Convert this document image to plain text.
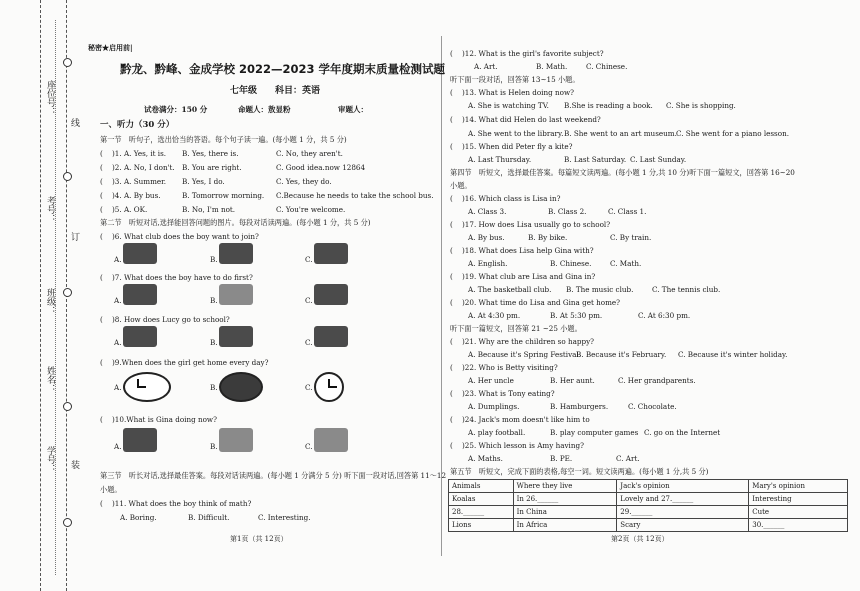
线
订
装
座位号：
考号：
班级：
姓名：
学号：
秘密★启用前|
黔龙、黔峰、金成学校 2022—2023 学年度期末质量检测试题
七年级　　科目：英语
试卷满分：150 分	命题人：敖显粉	审题人：
一、听力（30 分）
第一节　听句子，选出恰当的答语。每个句子读一遍。(每小题 1 分，共 5 分)
( )1. A. Yes, it is. B. Yes, there is.	C. No, they aren't.
( )2. A. No, I don't. B. You are right.	C. Good idea.now 12864
( )3. A. Summer. B. Yes, I do.	C. Yes, they do.
( )4. A. By bus.	B. Tomorrow morning. C.Because he needs to take the school bus.
( )5. A. OK.	B. No, I'm not.	C. You're welcome.
第二节　听短对话,选择能回答问题的图片。每段对话读两遍。(每小题 1 分，共 5 分)
( )6. What club does the boy want to join?
A.	B.	C.
( )7. What does the boy have to do first?
A.	B.	C.
( )8. How does Lucy go to school?
A.	B.	C.
( )9.When does the girl get home every day?
A.	B.	C.
( )10.What is Gina doing now?
A.	B.	C.
第三节　听长对话,选择最佳答案。每段对话读两遍。(每小题 1 分满分 5 分) 听下面一段对话,回答第 11～12
小题。
( )11. What does the boy think of math?
A. Boring.	B. Difficult.	C. Interesting.
第1页（共 12页）
( )12. What is the girl's favorite subject?
A. Art.	B. Math.	C. Chinese.
听下面一段对话，回答第 13~15 小题。
( )13. What is Helen doing now?
A. She is watching TV. B.She is reading a book. C. She is shopping.
( )14. What did Helen do last weekend?
A. She went to the library.B. She went to an art museum.C. She went for a piano lesson.
( )15. When did Peter fly a kite?
A. Last Thursday.	B. Last Saturday. C. Last Sunday.
第四节　听短文，选择最佳答案。每篇短文读两遍。(每小题 1 分,共 10 分)听下面一篇短文，回答第 16~20
小题。
( )16. Which class is Lisa in?
A. Class 3.	B. Class 2.	C. Class 1.
( )17. How does Lisa usually go to school?
A. By bus.	B. By bike.	C. By train.
( )18. What does Lisa help Gina with?
A. English.	B. Chinese.	C. Math.
( )19. What club are Lisa and Gina in?
A. The basketball club. B. The music club.	C. The tennis club.
( )20. What time do Lisa and Gina get home?
A. At 4:30 pm.	B. At 5:30 pm.	C. At 6:30 pm.
听下面一篇短文，回答第 21 ~25 小题。
( )21. Why are the children so happy?
A. Because it's Spring Festival.B. Because it's February. C. Because it's winter holiday.
( )22. Who is Betty visiting?
A. Her uncle	B. Her aunt.	C. Her grandparents.
( )23. What is Tony eating?
A. Dumplings.	B. Hamburgers.	C. Chocolate.
( )24. Jack's mom doesn't like him to
A. play football.	B. play computer games C. go on the Internet
( )25. Which lesson is Amy having?
A. Maths.	B. PE.	C. Art.
第五节　听短文，完成下面的表格,每空一词。短文读两遍。(每小题 1 分,共 5 分)
Animals	Where they live	Jack's opinion	Mary's opinion
Koalas	In 26.______	Lovely and 27.______	Interesting
28.______	In China	29.______	Cute
Lions	In Africa	Scary	30.______
第2页（共 12页）
